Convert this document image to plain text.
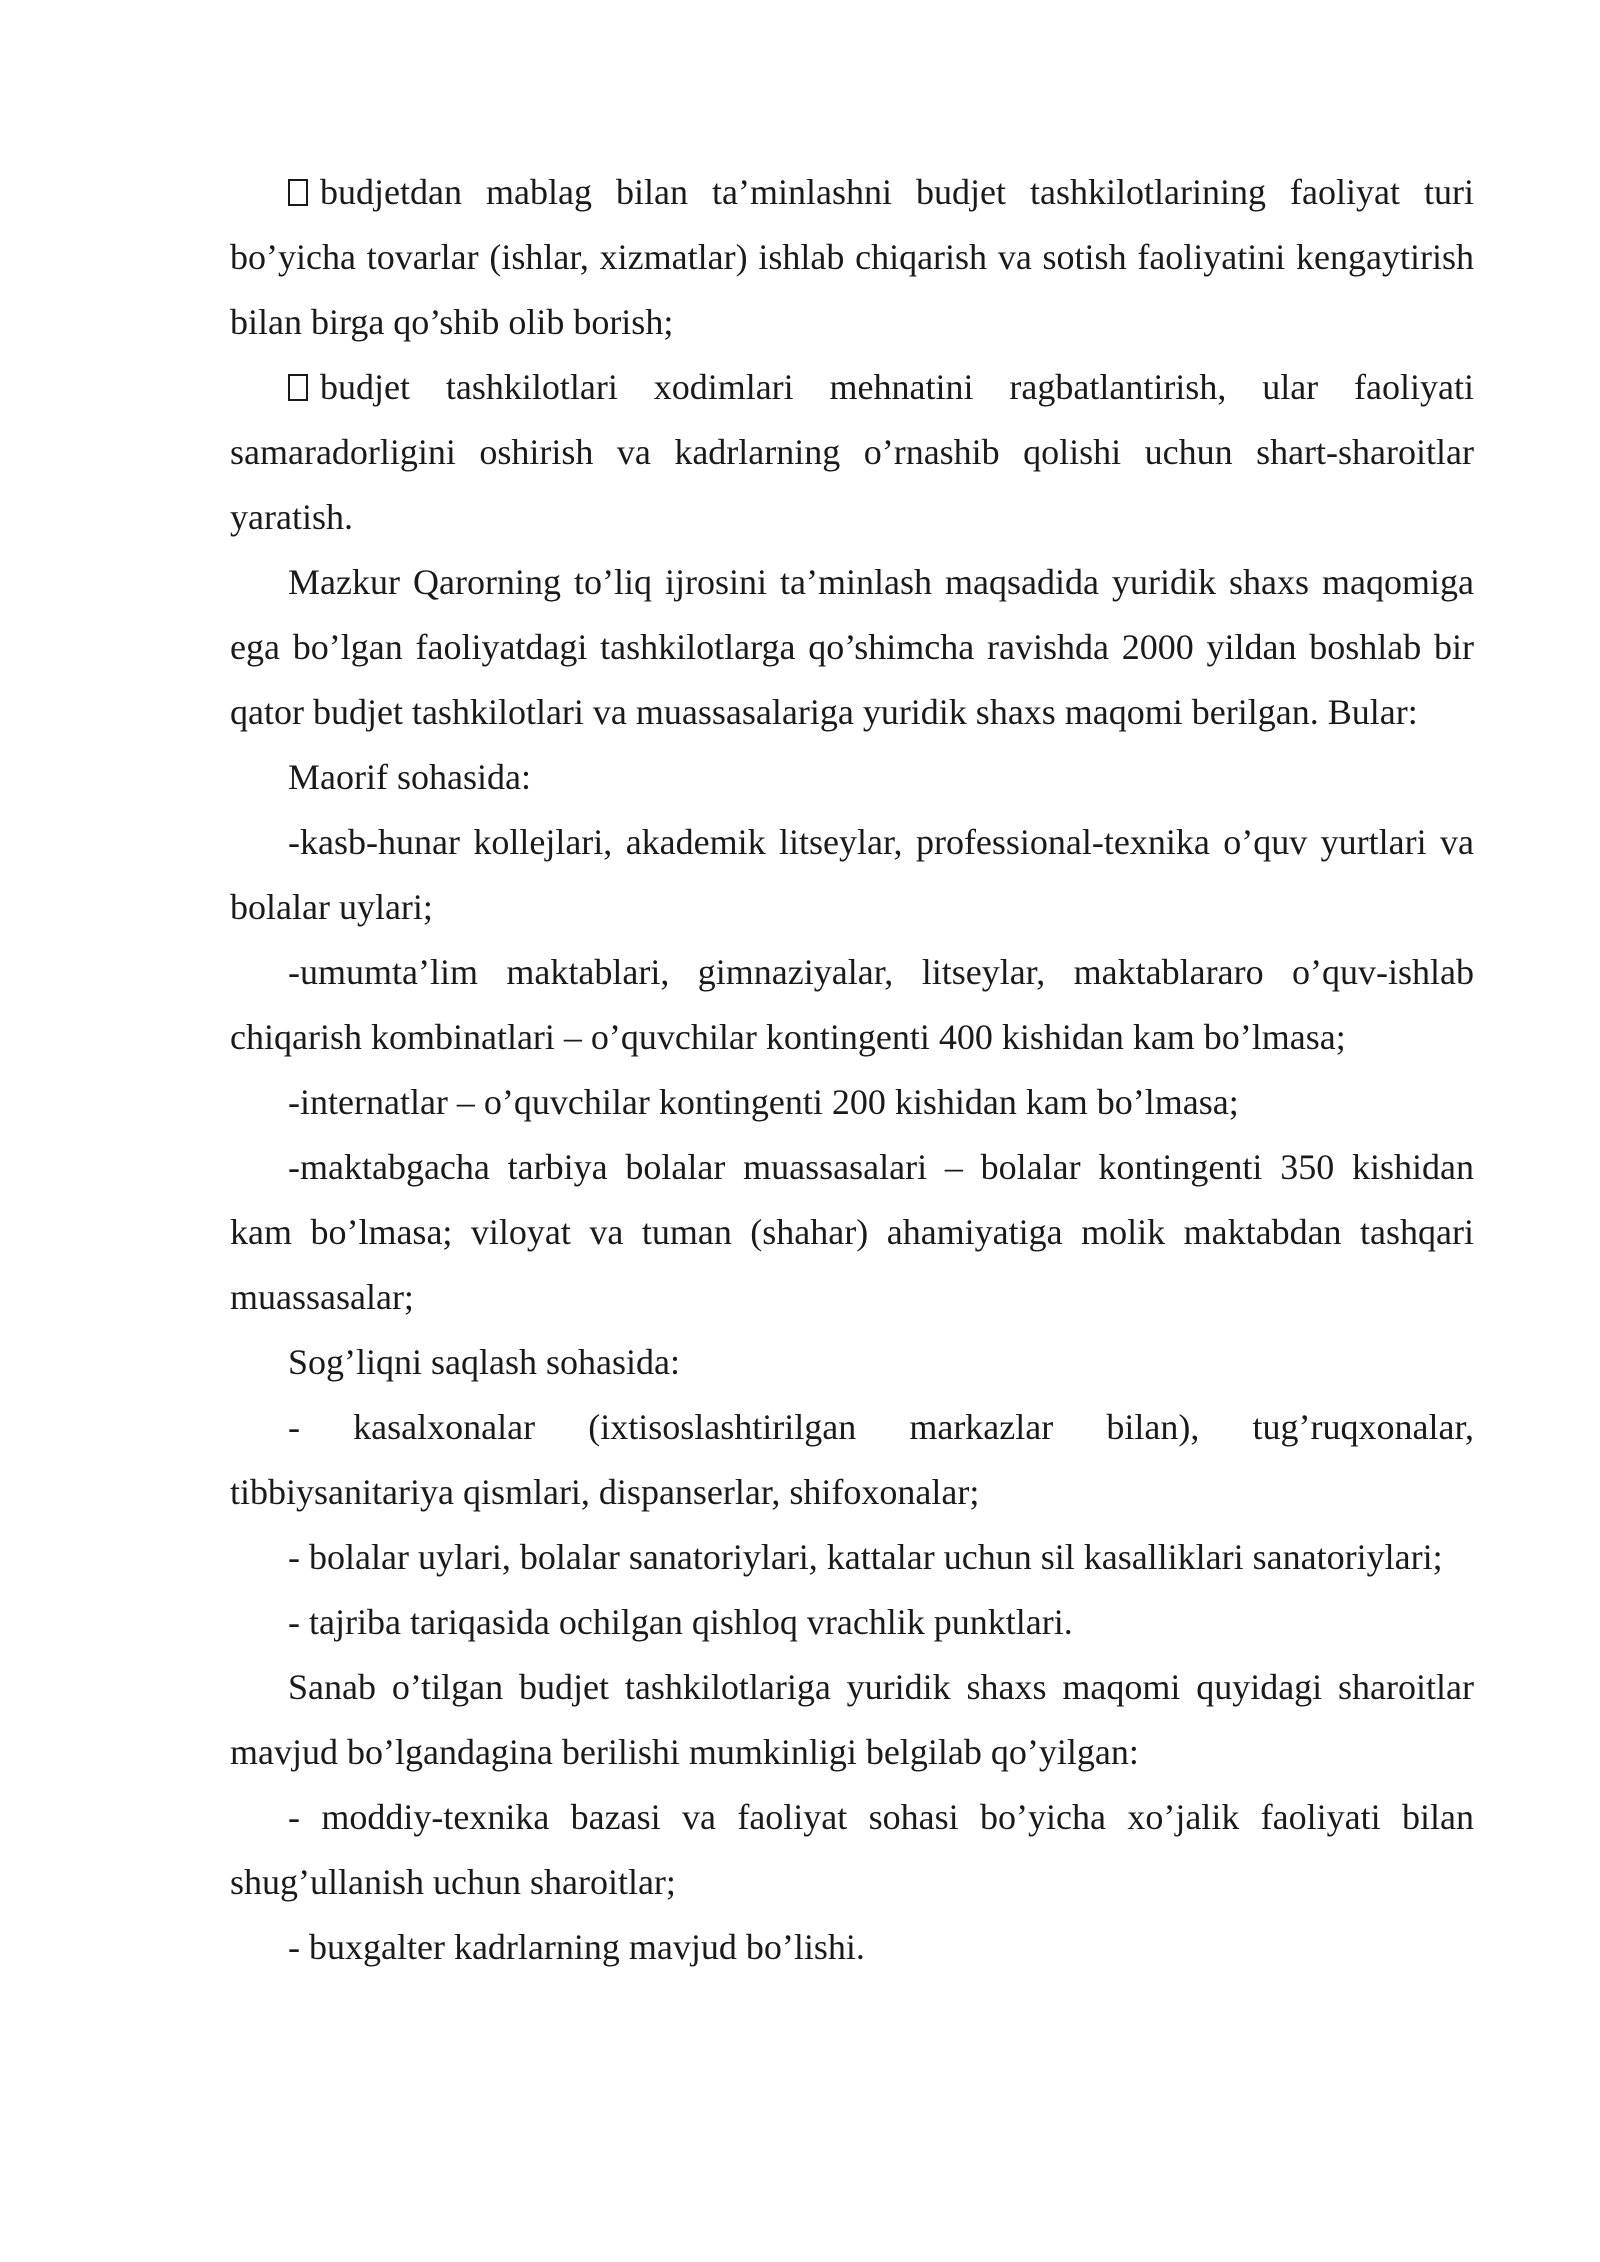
budjetdan mablag bilan ta’minlashni budjet tashkilotlarining faoliyat turi bo’yicha tovarlar (ishlar, xizmatlar) ishlab chiqarish va sotish faoliyatini kengaytirish bilan birga qo’shib olib borish;

budjet tashkilotlari xodimlari mehnatini ragbatlantirish, ular faoliyati samaradorligini oshirish va kadrlarning o’rnashib qolishi uchun shart-sharoitlar yaratish.

Mazkur Qarorning to’liq ijrosini ta’minlash maqsadida yuridik shaxs maqomiga ega bo’lgan faoliyatdagi tashkilotlarga qo’shimcha ravishda 2000 yildan boshlab bir qator budjet tashkilotlari va muassasalariga yuridik shaxs maqomi berilgan. Bular:

Maorif sohasida:

-kasb-hunar kollejlari, akademik litseylar, professional-texnika o’quv yurtlari va bolalar uylari;

-umumta’lim maktablari, gimnaziyalar, litseylar, maktablararo o’quv-ishlab chiqarish kombinatlari – o’quvchilar kontingenti 400 kishidan kam bo’lmasa;

-internatlar – o’quvchilar kontingenti 200 kishidan kam bo’lmasa;

-maktabgacha tarbiya bolalar muassasalari – bolalar kontingenti 350 kishidan kam bo’lmasa; viloyat va tuman (shahar) ahamiyatiga molik maktabdan tashqari muassasalar;

Sog’liqni saqlash sohasida:

- kasalxonalar (ixtisoslashtirilgan markazlar bilan), tug’ruqxonalar, tibbiysanitariya qismlari, dispanserlar, shifoxonalar;

- bolalar uylari, bolalar sanatoriylari, kattalar uchun sil kasalliklari sanatoriylari;

- tajriba tariqasida ochilgan qishloq vrachlik punktlari.

Sanab o’tilgan budjet tashkilotlariga yuridik shaxs maqomi quyidagi sharoitlar mavjud bo’lgandagina berilishi mumkinligi belgilab qo’yilgan:

- moddiy-texnika bazasi va faoliyat sohasi bo’yicha xo’jalik faoliyati bilan shug’ullanish uchun sharoitlar;

- buxgalter kadrlarning mavjud bo’lishi.
